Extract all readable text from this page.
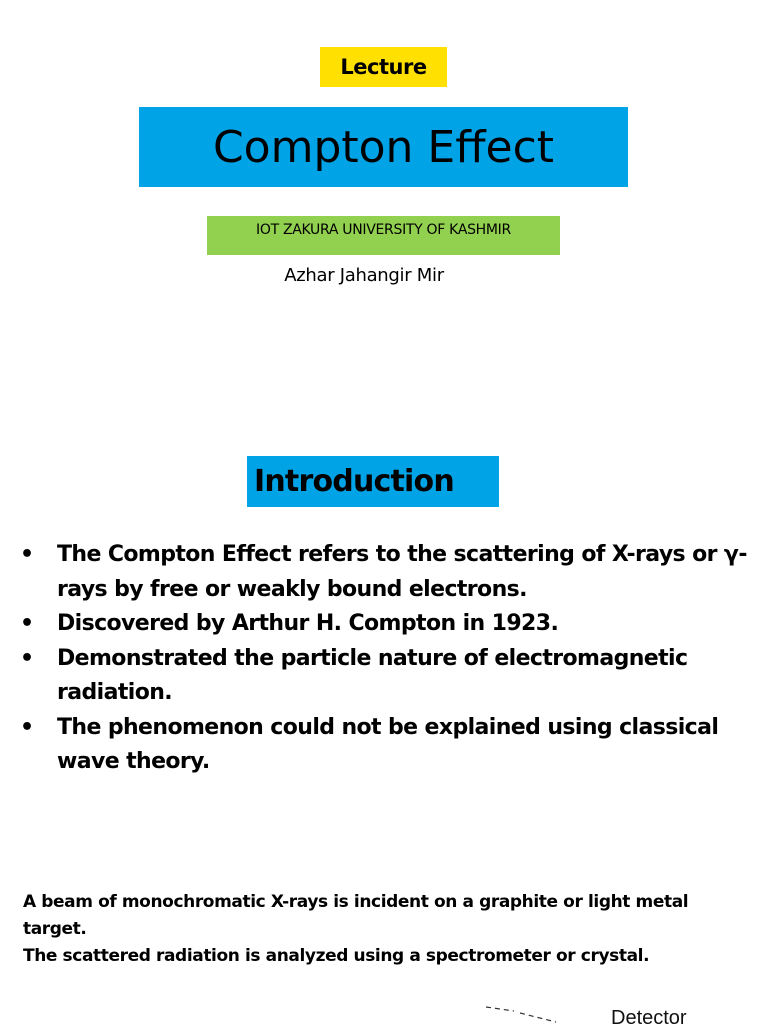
Lecture
Compton Effect
IOT ZAKURA UNIVERSITY OF KASHMIR
Azhar Jahangir Mir
Introduction
•	The Compton Effect refers to the scattering of X-rays or γ-rays by free or weakly bound electrons.
•	Discovered by Arthur H. Compton in 1923.
•	Demonstrated the particle nature of electromagnetic radiation.
•	The phenomenon could not be explained using classical wave theory.

A beam of monochromatic X-rays is incident on a graphite or light metal target.

The scattered radiation is analyzed using a spectrometer or crystal.

Detector
